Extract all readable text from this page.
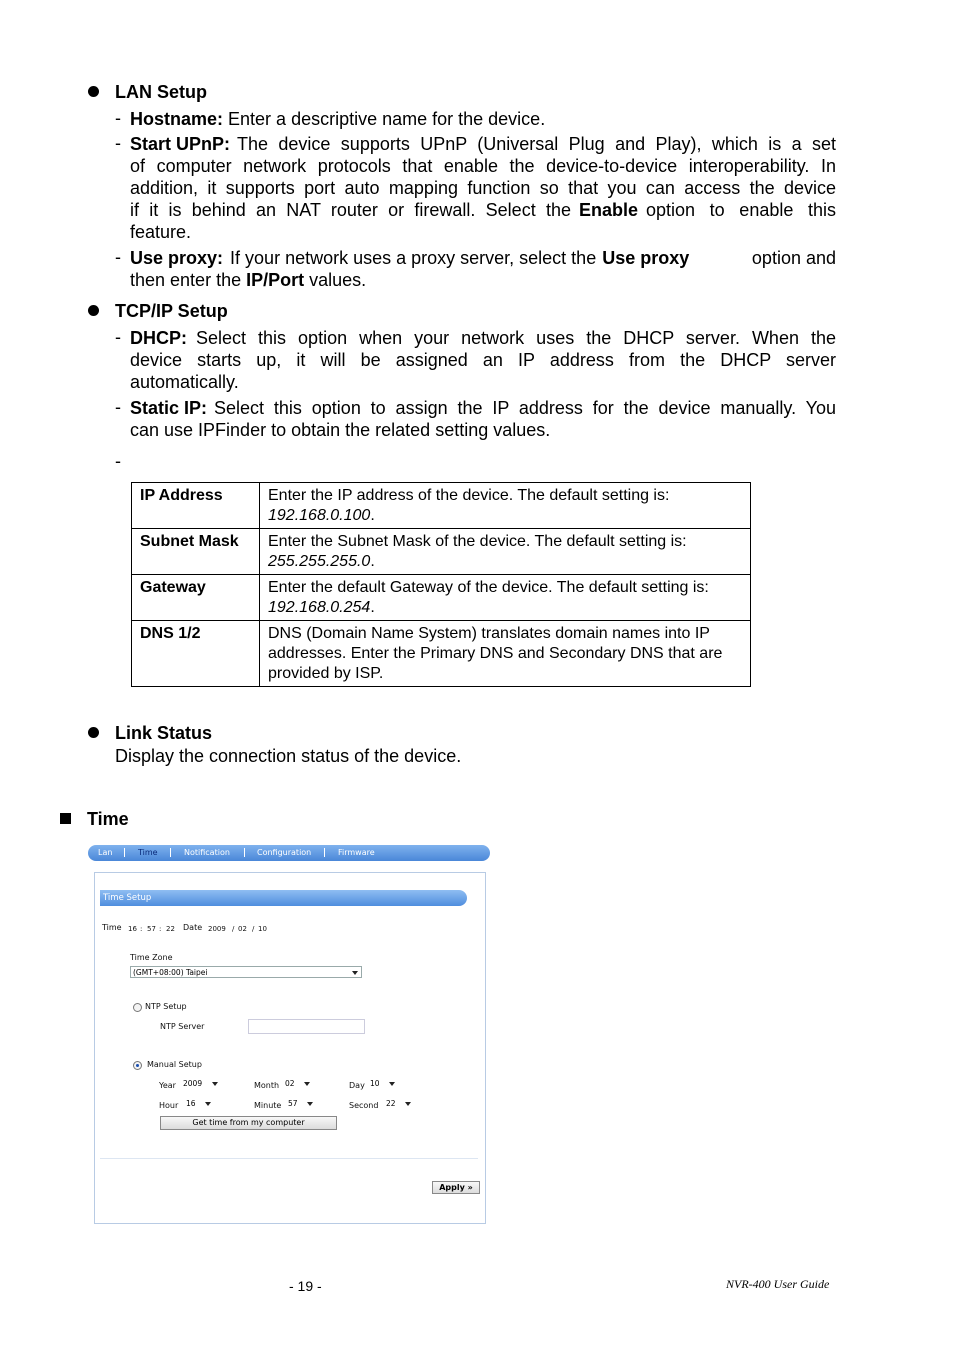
LAN Setup
- Hostname: Enter a descriptive name for the device.
- Start UPnP: The device supports UPnP (Universal Plug and Play), which is a set
of computer network protocols that enable the device-to-device interoperability. In
addition, it supports port auto mapping function so that you can access the device
if it is behind an NAT router or firewall. Select the Enable option to enable this
feature.
- Use proxy: If your network uses a proxy server, select the Use proxy	option and
then enter the IP/Port values.
TCP/IP Setup
- DHCP: Select this option when your network uses the DHCP server. When the
device starts up, it will be assigned an IP address from the DHCP server
automatically.
- Static IP: Select this option to assign the IP address for the device manually. You
can use IPFinder to obtain the related setting values.
-
IP Address	Enter the IP address of the device. The default setting is:
192.168.0.100.
Subnet Mask	Enter the Subnet Mask of the device. The default setting is:
255.255.255.0.
Gateway	Enter the default Gateway of the device. The default setting is: 192.168.0.254.
DNS 1/2	DNS (Domain Name System) translates domain names into IP addresses. Enter the Primary DNS and Secondary DNS that are provided by ISP.
Link Status
Display the connection status of the device.
Time
Lan	Time	Notification	Configuration	Firmware
Time Setup
Time 16 : 57 : 22 Date 2009 / 02 / 10
Time Zone
(GMT+08:00) Taipei
NTP Setup
NTP Server
Manual Setup
Year 2009	Month 02	Day 10
Hour 16	Minute 57	Second 22
Get time from my computer
Apply »
- 19 -	NVR-400 User Guide
